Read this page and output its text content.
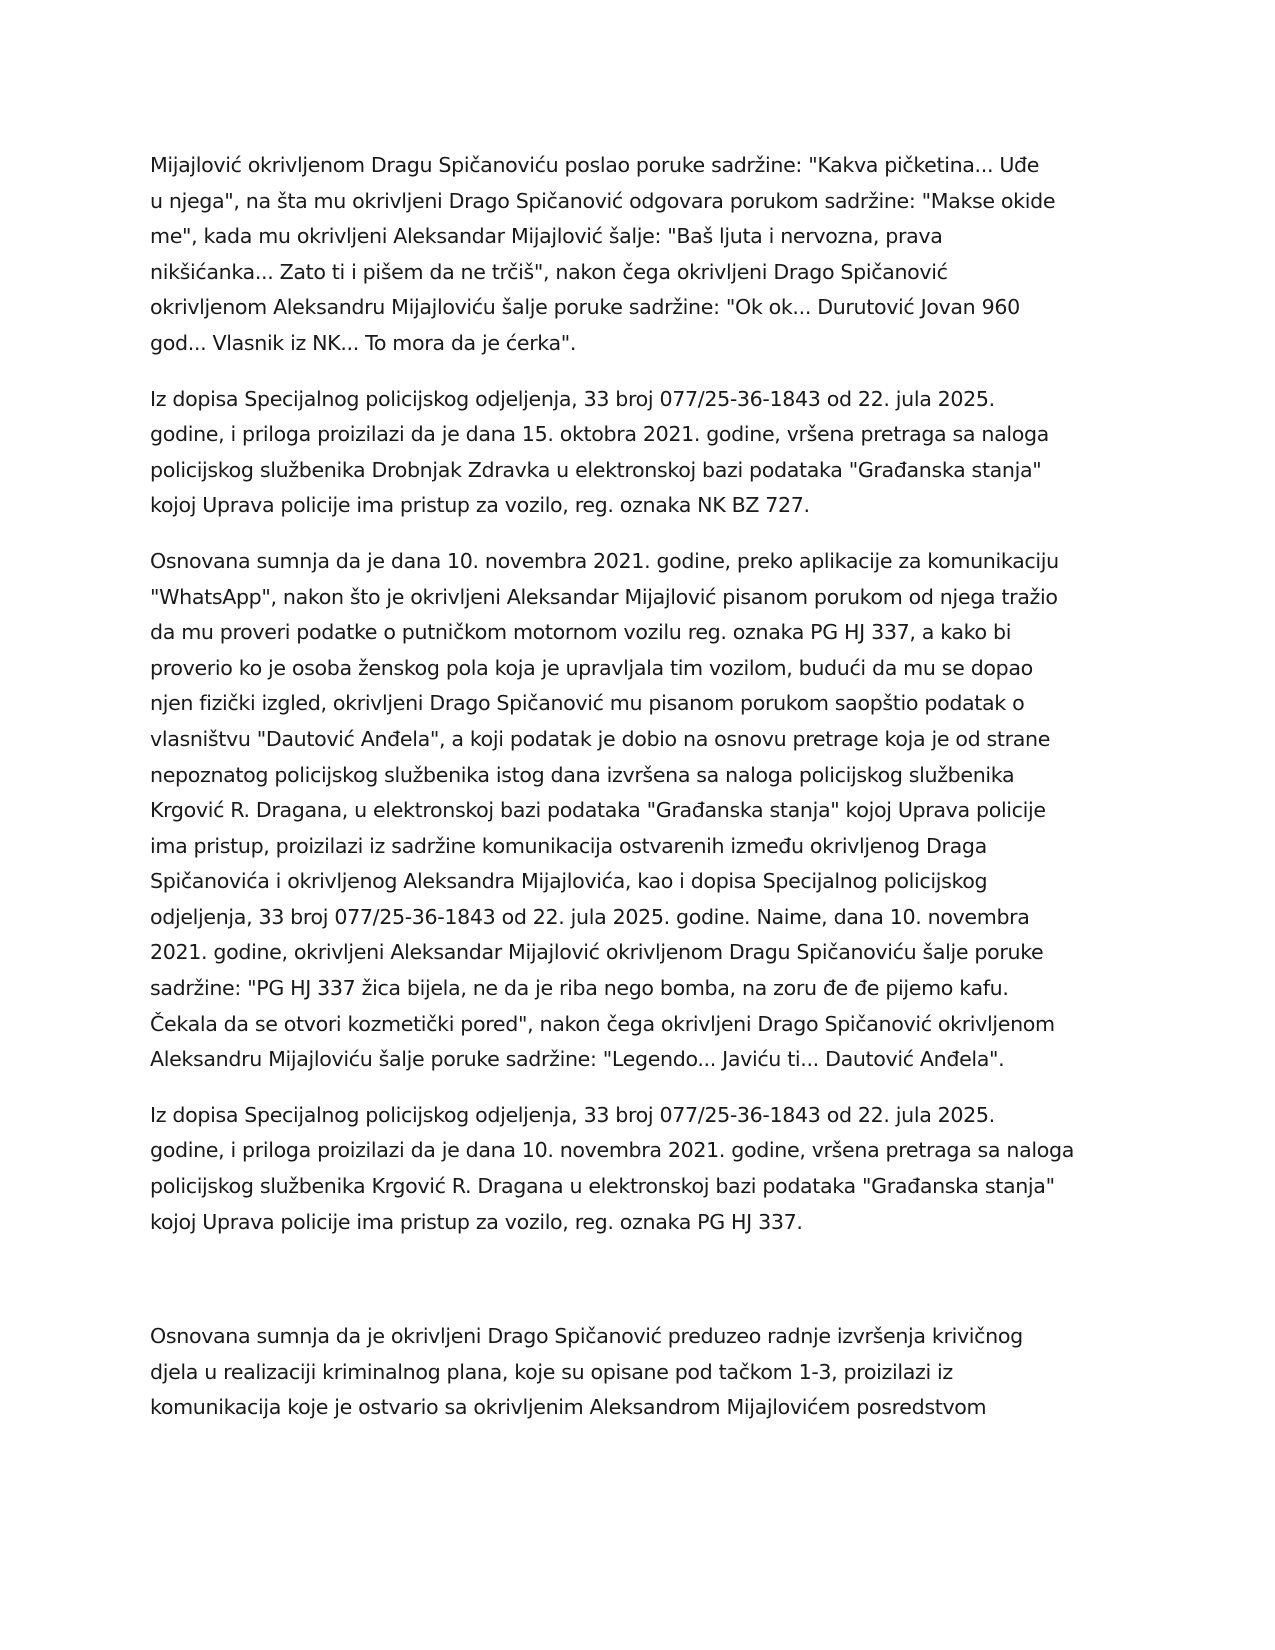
Mijajlović okrivljenom Dragu Spičanoviću poslao poruke sadržine: "Kakva pičketina... Uđe
u njega", na šta mu okrivljeni Drago Spičanović odgovara porukom sadržine: "Makse okide
me", kada mu okrivljeni Aleksandar Mijajlović šalje: "Baš ljuta i nervozna, prava
nikšićanka... Zato ti i pišem da ne trčiš", nakon čega okrivljeni Drago Spičanović
okrivljenom Aleksandru Mijajloviću šalje poruke sadržine: "Ok ok... Durutović Jovan 960
god... Vlasnik iz NK... To mora da je ćerka".

Iz dopisa Specijalnog policijskog odjeljenja, 33 broj 077/25-36-1843 od 22. jula 2025.
godine, i priloga proizilazi da je dana 15. oktobra 2021. godine, vršena pretraga sa naloga
policijskog službenika Drobnjak Zdravka u elektronskoj bazi podataka "Građanska stanja"
kojoj Uprava policije ima pristup za vozilo, reg. oznaka NK BZ 727.

Osnovana sumnja da je dana 10. novembra 2021. godine, preko aplikacije za komunikaciju
"WhatsApp", nakon što je okrivljeni Aleksandar Mijajlović pisanom porukom od njega tražio
da mu proveri podatke o putničkom motornom vozilu reg. oznaka PG HJ 337, a kako bi
proverio ko je osoba ženskog pola koja je upravljala tim vozilom, budući da mu se dopao
njen fizički izgled, okrivljeni Drago Spičanović mu pisanom porukom saopštio podatak o
vlasništvu "Dautović Anđela", a koji podatak je dobio na osnovu pretrage koja je od strane
nepoznatog policijskog službenika istog dana izvršena sa naloga policijskog službenika
Krgović R. Dragana, u elektronskoj bazi podataka "Građanska stanja" kojoj Uprava policije
ima pristup, proizilazi iz sadržine komunikacija ostvarenih između okrivljenog Draga
Spičanovića i okrivljenog Aleksandra Mijajlovića, kao i dopisa Specijalnog policijskog
odjeljenja, 33 broj 077/25-36-1843 od 22. jula 2025. godine. Naime, dana 10. novembra
2021. godine, okrivljeni Aleksandar Mijajlović okrivljenom Dragu Spičanoviću šalje poruke
sadržine: "PG HJ 337 žica bijela, ne da je riba nego bomba, na zoru đe đe pijemo kafu.
Čekala da se otvori kozmetički pored", nakon čega okrivljeni Drago Spičanović okrivljenom
Aleksandru Mijajloviću šalje poruke sadržine: "Legendo... Javiću ti... Dautović Anđela".

Iz dopisa Specijalnog policijskog odjeljenja, 33 broj 077/25-36-1843 od 22. jula 2025.
godine, i priloga proizilazi da je dana 10. novembra 2021. godine, vršena pretraga sa naloga
policijskog službenika Krgović R. Dragana u elektronskoj bazi podataka "Građanska stanja"
kojoj Uprava policije ima pristup za vozilo, reg. oznaka PG HJ 337.

Osnovana sumnja da je okrivljeni Drago Spičanović preduzeo radnje izvršenja krivičnog
djela u realizaciji kriminalnog plana, koje su opisane pod tačkom 1-3, proizilazi iz
komunikacija koje je ostvario sa okrivljenim Aleksandrom Mijajlovićem posredstvom
